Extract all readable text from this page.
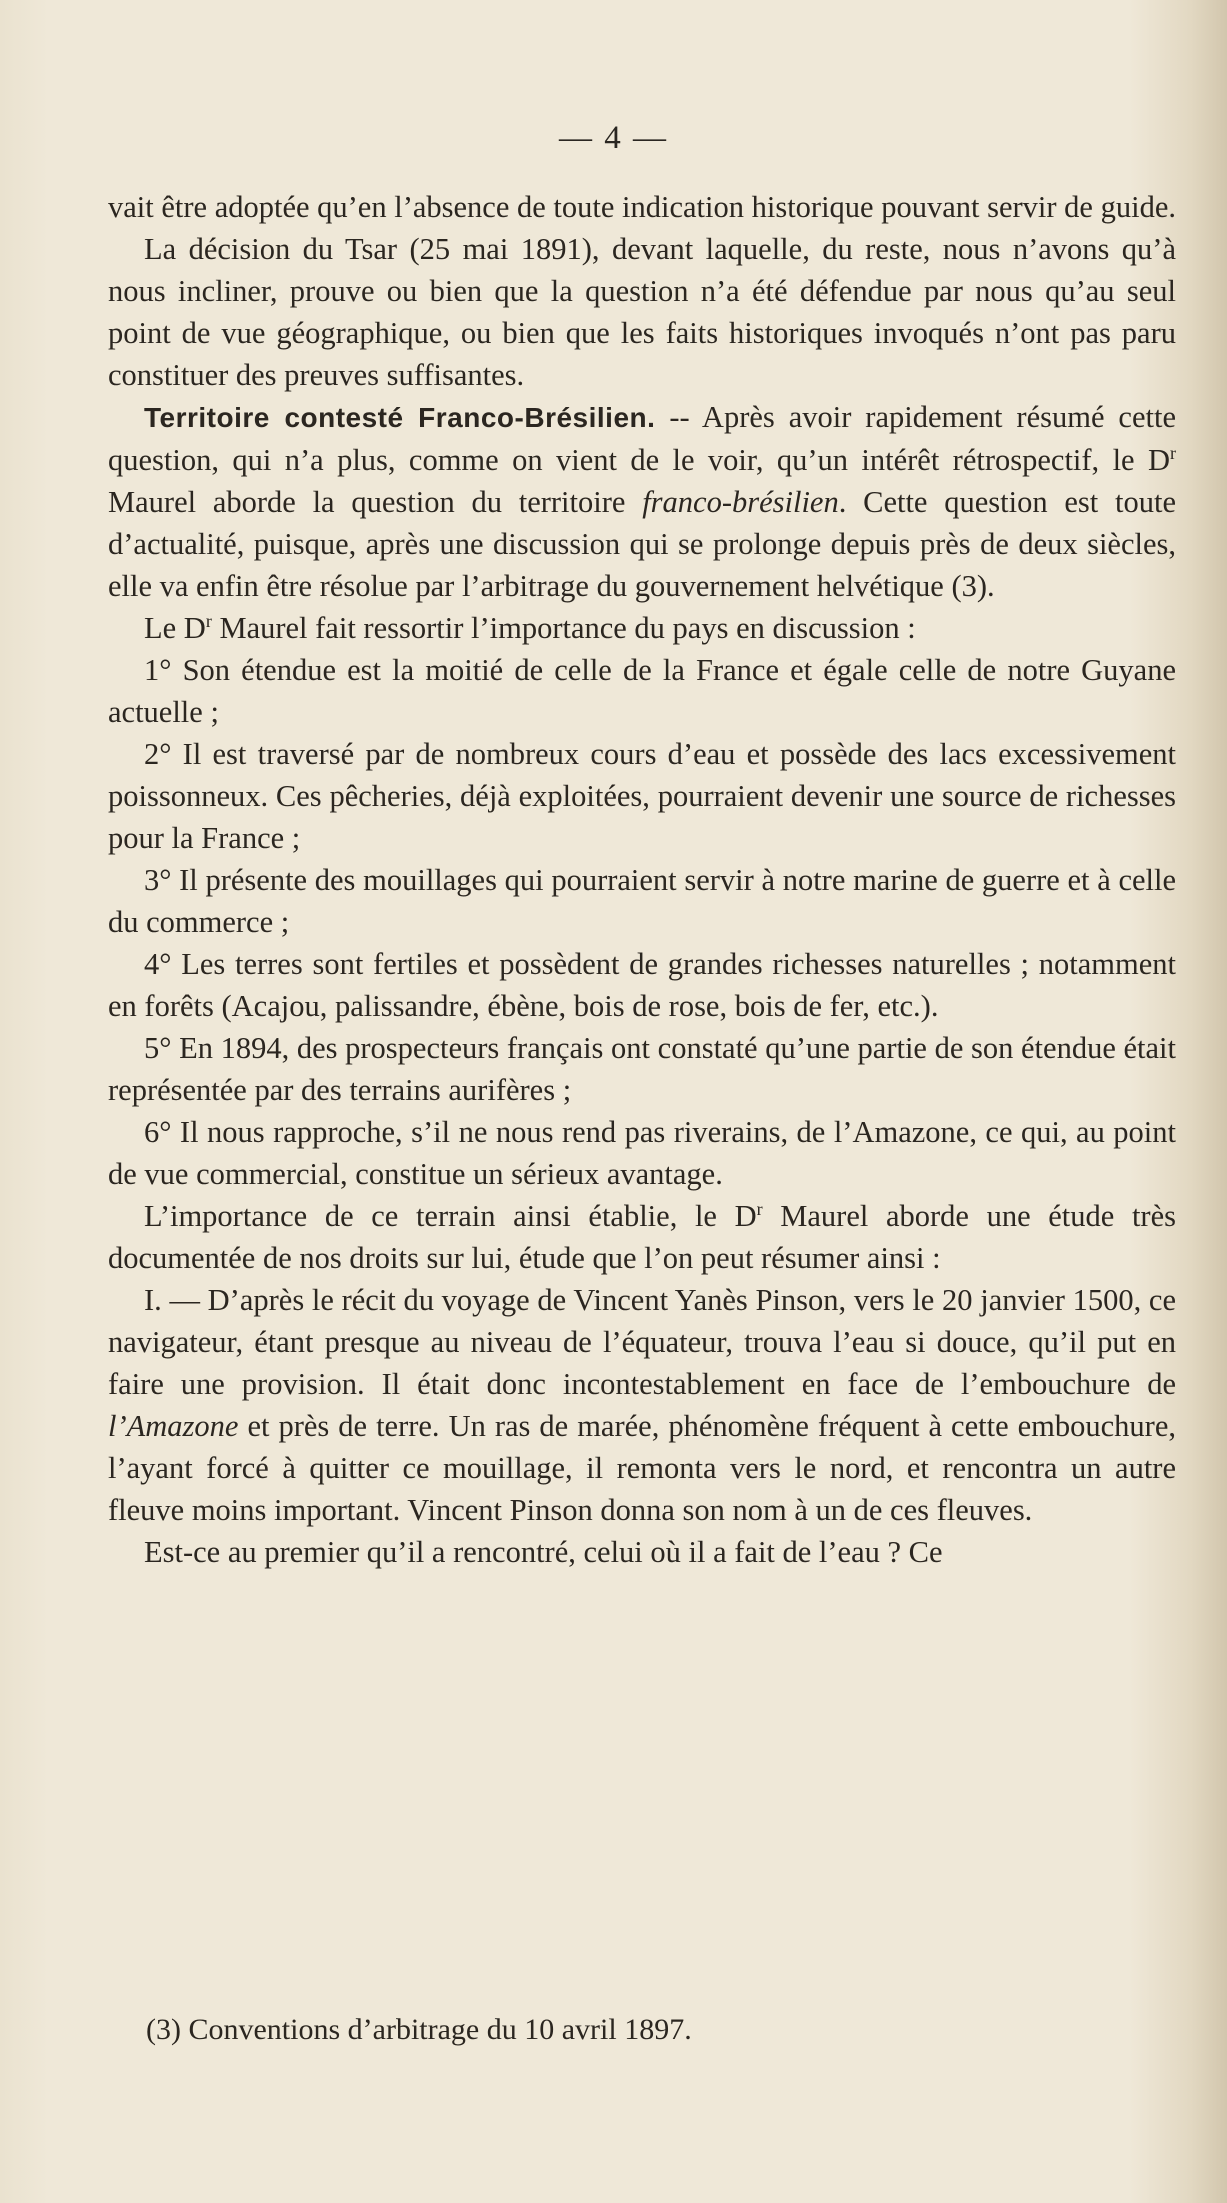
— 4 —

vait être adoptée qu’en l’absence de toute indication historique pouvant servir de guide.

La décision du Tsar (25 mai 1891), devant laquelle, du reste, nous n’avons qu’à nous incliner, prouve ou bien que la question n’a été défendue par nous qu’au seul point de vue géographique, ou bien que les faits historiques invoqués n’ont pas paru constituer des preuves suffisantes.

Territoire contesté Franco-Brésilien. -- Après avoir rapidement résumé cette question, qui n’a plus, comme on vient de le voir, qu’un intérêt rétrospectif, le $D^r$ Maurel aborde la question du territoire franco-brésilien. Cette question est toute d’actualité, puisque, après une discussion qui se prolonge depuis près de deux siècles, elle va enfin être résolue par l’arbitrage du gouvernement helvétique (3).

Le $D^r$ Maurel fait ressortir l’importance du pays en discussion :

1° Son étendue est la moitié de celle de la France et égale celle de notre Guyane actuelle ;

2° Il est traversé par de nombreux cours d’eau et possède des lacs excessivement poissonneux. Ces pêcheries, déjà exploitées, pourraient devenir une source de richesses pour la France ;

3° Il présente des mouillages qui pourraient servir à notre marine de guerre et à celle du commerce ;

4° Les terres sont fertiles et possèdent de grandes richesses naturelles ; notamment en forêts (Acajou, palissandre, ébène, bois de rose, bois de fer, etc.).

5° En 1894, des prospecteurs français ont constaté qu’une partie de son étendue était représentée par des terrains aurifères ;

6° Il nous rapproche, s’il ne nous rend pas riverains, de l’Amazone, ce qui, au point de vue commercial, constitue un sérieux avantage.

L’importance de ce terrain ainsi établie, le $D^r$ Maurel aborde une étude très documentée de nos droits sur lui, étude que l’on peut résumer ainsi :

I. — D’après le récit du voyage de Vincent Yanès Pinson, vers le 20 janvier 1500, ce navigateur, étant presque au niveau de l’équateur, trouva l’eau si douce, qu’il put en faire une provision. Il était donc incontestablement en face de l’embouchure de l’Amazone et près de terre. Un ras de marée, phénomène fréquent à cette embouchure, l’ayant forcé à quitter ce mouillage, il remonta vers le nord, et rencontra un autre fleuve moins important. Vincent Pinson donna son nom à un de ces fleuves.

Est-ce au premier qu’il a rencontré, celui où il a fait de l’eau ? Ce

(3) Conventions d’arbitrage du 10 avril 1897.
